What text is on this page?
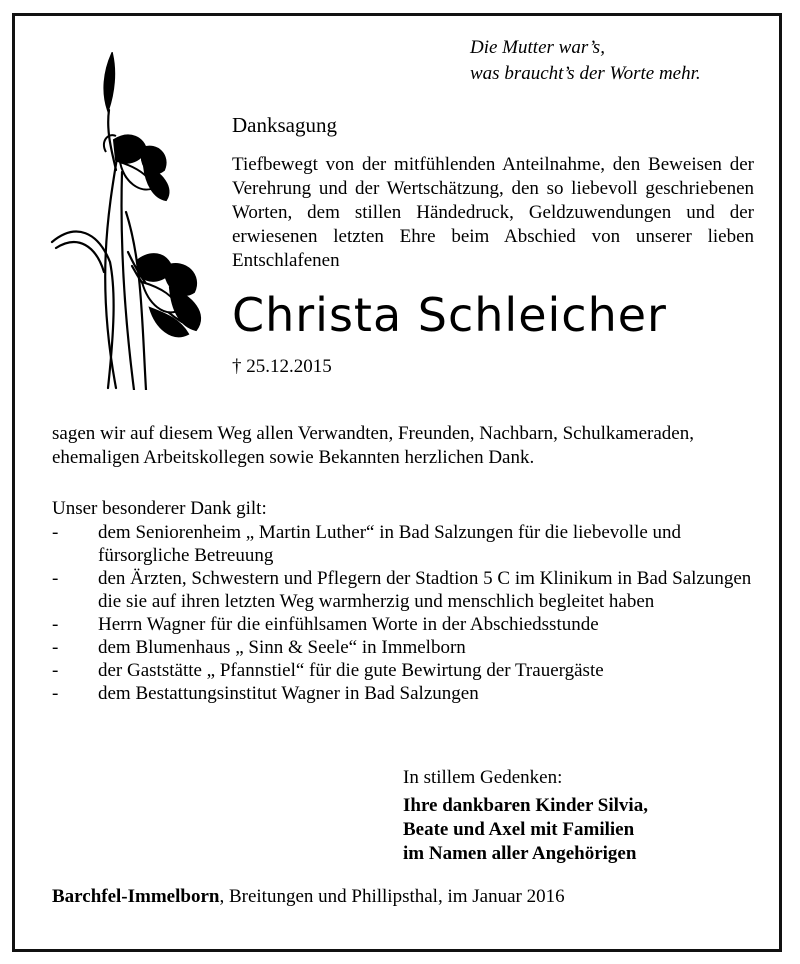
Die Mutter war’s,
was braucht’s der Worte mehr.
Danksagung
Tiefbewegt von der mitfühlenden Anteilnahme, den Beweisen der Verehrung und der Wertschätzung, den so liebevoll geschriebenen Worten, dem stillen Händedruck, Geldzuwendungen und der erwiesenen letzten Ehre beim Abschied von unserer lieben Entschlafenen
Christa Schleicher
† 25.12.2015
sagen wir auf diesem Weg allen Verwandten, Freunden, Nachbarn, Schulkameraden, ehemaligen Arbeitskollegen sowie Bekannten herzlichen Dank.
Unser besonderer Dank gilt:
- dem Seniorenheim „ Martin Luther“ in Bad Salzungen für die liebevolle und fürsorgliche Betreuung
- den Ärzten, Schwestern und Pflegern der Stadtion 5 C im Klinikum in Bad Salzungen die sie auf ihren letzten Weg warmherzig und menschlich begleitet haben
- Herrn Wagner für die einfühlsamen Worte in der Abschiedsstunde
- dem Blumenhaus „ Sinn & Seele“ in Immelborn
- der Gaststätte „ Pfannstiel“ für die gute Bewirtung der Trauergäste
- dem Bestattungsinstitut Wagner in Bad Salzungen
In stillem Gedenken:
Ihre dankbaren Kinder Silvia,
Beate und Axel mit Familien
im Namen aller Angehörigen
Barchfel-Immelborn, Breitungen und Phillipsthal, im Januar 2016
